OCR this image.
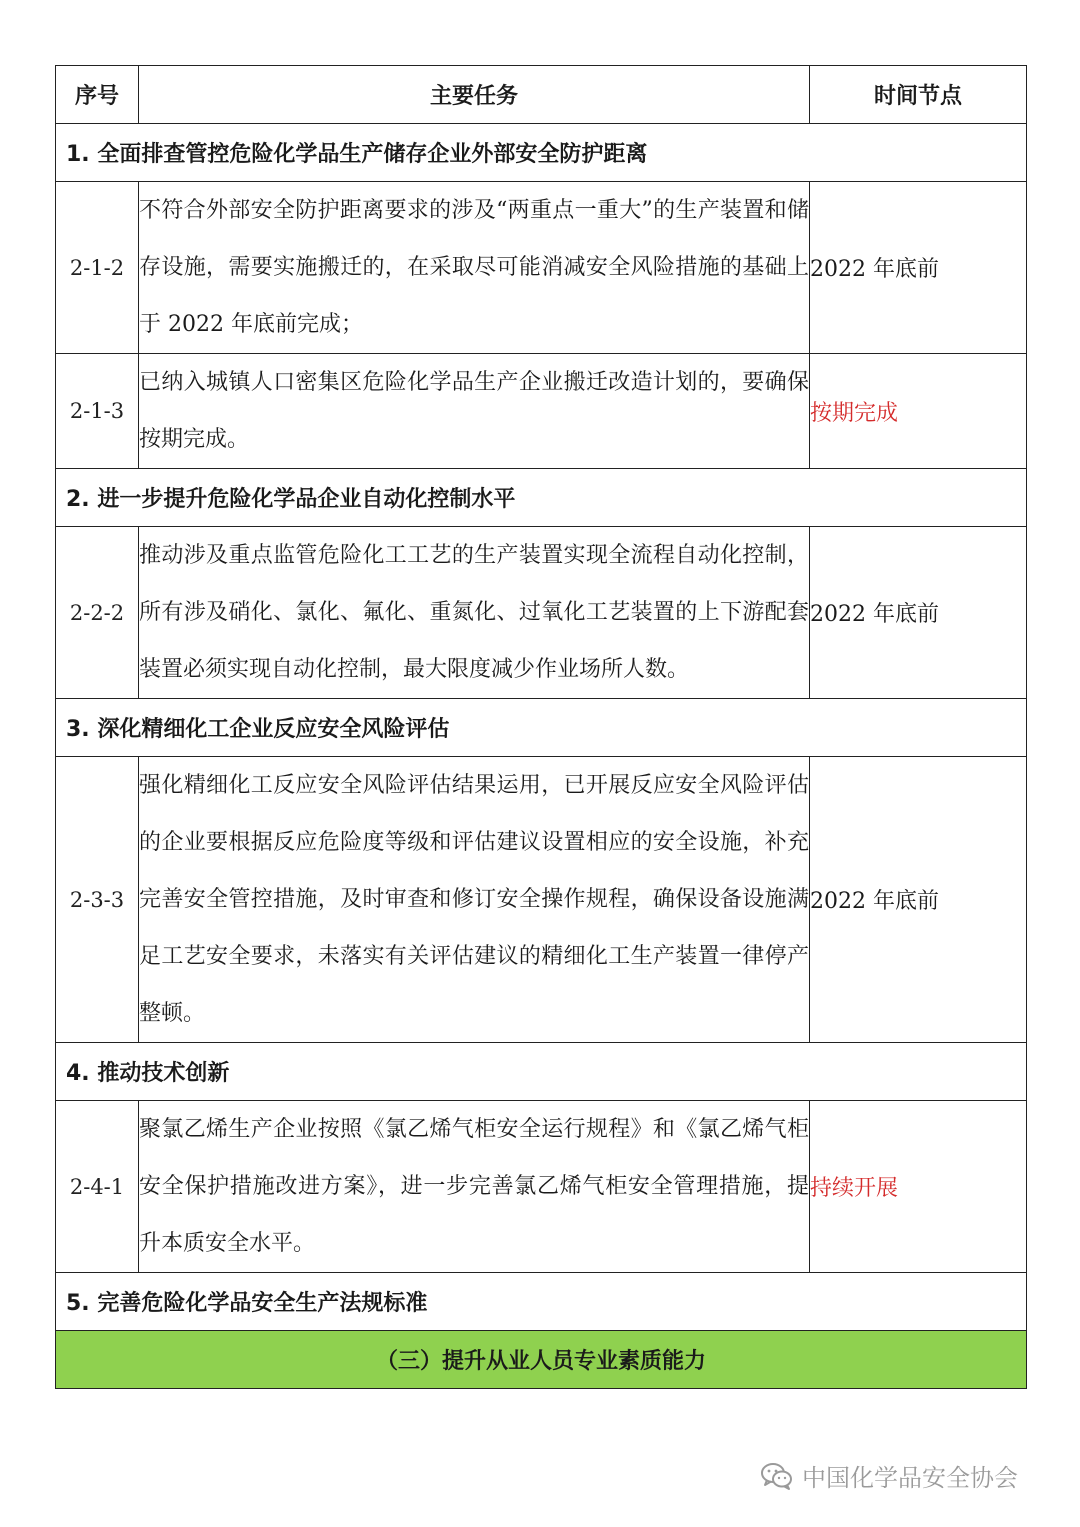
序号	主要任务	时间节点
1. 全面排查管控危险化学品生产储存企业外部安全防护距离		
2-1-2	不符合外部安全防护距离要求的涉及“两重点一重大”的生产装置和储存设施，需要实施搬迁的，在采取尽可能消减安全风险措施的基础上于 2022 年底前完成；	2022 年底前
2-1-3	已纳入城镇人口密集区危险化学品生产企业搬迁改造计划的，要确保按期完成。	按期完成
2. 进一步提升危险化学品企业自动化控制水平		
2-2-2	推动涉及重点监管危险化工工艺的生产装置实现全流程自动化控制，所有涉及硝化、氯化、氟化、重氮化、过氧化工艺装置的上下游配套装置必须实现自动化控制，最大限度减少作业场所人数。	2022 年底前
3. 深化精细化工企业反应安全风险评估		
2-3-3	强化精细化工反应安全风险评估结果运用，已开展反应安全风险评估的企业要根据反应危险度等级和评估建议设置相应的安全设施，补充完善安全管控措施，及时审查和修订安全操作规程，确保设备设施满足工艺安全要求，未落实有关评估建议的精细化工生产装置一律停产整顿。	2022 年底前
4. 推动技术创新		
2-4-1	聚氯乙烯生产企业按照《氯乙烯气柜安全运行规程》和《氯乙烯气柜安全保护措施改进方案》，进一步完善氯乙烯气柜安全管理措施，提升本质安全水平。	持续开展
5. 完善危险化学品安全生产法规标准		
（三）提升从业人员专业素质能力		
中国化学品安全协会
